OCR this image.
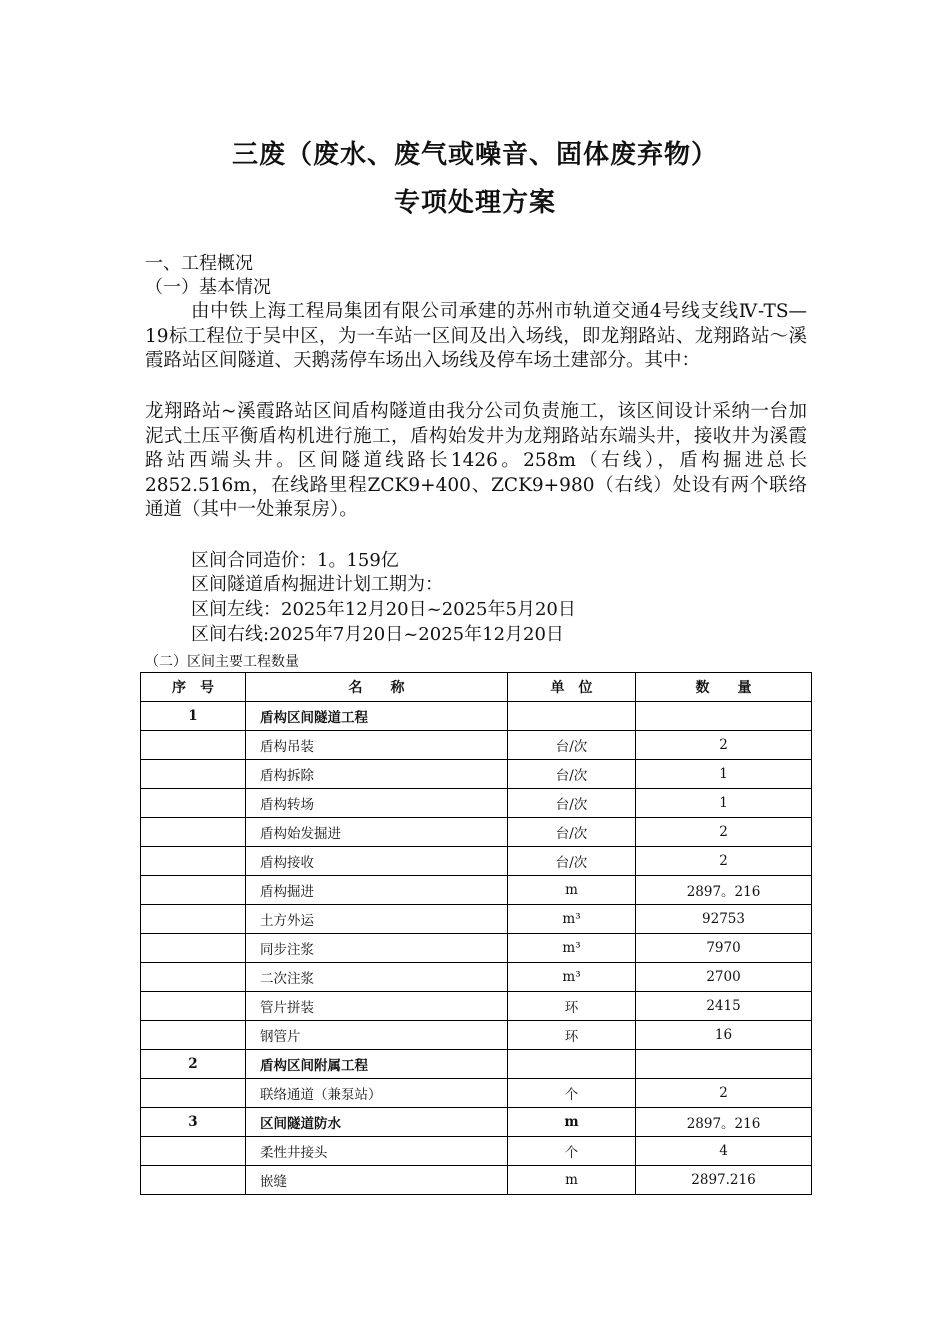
三废（废水、废气或噪音、固体废弃物）
专项处理方案
一、工程概况
（一）基本情况
由中铁上海工程局集团有限公司承建的苏州市轨道交通4号线支线Ⅳ-TS—19标工程位于吴中区，为一车站一区间及出入场线，即龙翔路站、龙翔路站～溪霞路站区间隧道、天鹅荡停车场出入场线及停车场土建部分。其中：
龙翔路站~溪霞路站区间盾构隧道由我分公司负责施工，该区间设计采纳一台加泥式土压平衡盾构机进行施工，盾构始发井为龙翔路站东端头井，接收井为溪霞路站西端头井。区间隧道线路长1426。258m（右线），盾构掘进总长2852.516m，在线路里程ZCK9+400、ZCK9+980（右线）处设有两个联络通道（其中一处兼泵房）。
区间合同造价：1。159亿
区间隧道盾构掘进计划工期为：
区间左线：2025年12月20日~2025年5月20日
区间右线:2025年7月20日~2025年12月20日
（二）区间主要工程数量
序　号	名　　称	单　位	数　　量
1	盾构区间隧道工程		
	盾构吊装	台/次	2
	盾构拆除	台/次	1
	盾构转场	台/次	1
	盾构始发掘进	台/次	2
	盾构接收	台/次	2
	盾构掘进	m	2897。216
	土方外运	m³	92753
	同步注浆	m³	7970
	二次注浆	m³	2700
	管片拼装	环	2415
	钢管片	环	16
2	盾构区间附属工程		
	联络通道（兼泵站）	个	2
3	区间隧道防水	m	2897。216
	柔性井接头	个	4
	嵌缝	m	2897.216
